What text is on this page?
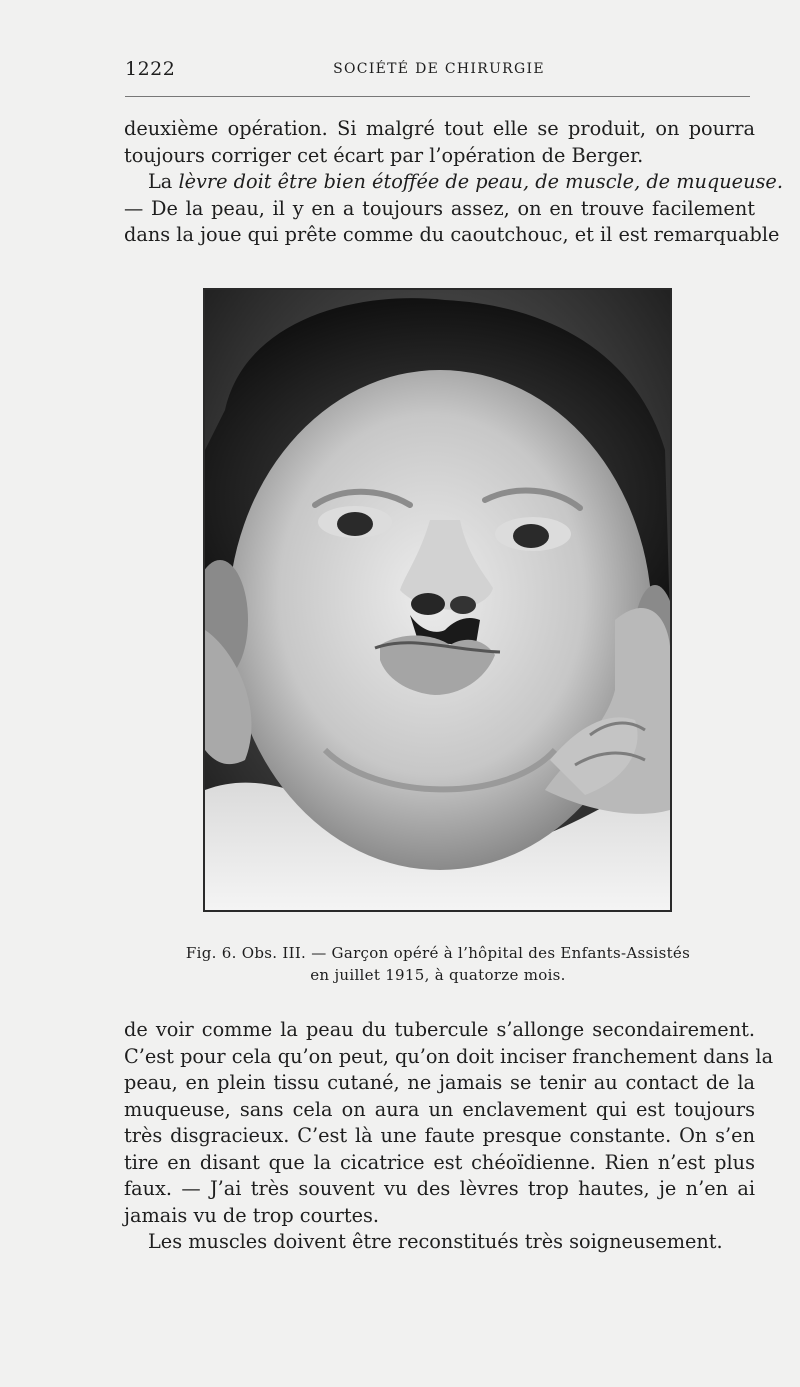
1222	SOCIÉTÉ DE CHIRURGIE
deuxième opération. Si malgré tout elle se produit, on pourra
toujours corriger cet écart par l’opération de Berger.
La lèvre doit être bien étoffée de peau, de muscle, de muqueuse.
— De la peau, il y en a toujours assez, on en trouve facilement
dans la joue qui prête comme du caoutchouc, et il est remarquable
Fig. 6. Obs. III. — Garçon opéré à l’hôpital des Enfants-Assistés
en juillet 1915, à quatorze mois.
de voir comme la peau du tubercule s’allonge secondairement.
C’est pour cela qu’on peut, qu’on doit inciser franchement dans la
peau, en plein tissu cutané, ne jamais se tenir au contact de la
muqueuse, sans cela on aura un enclavement qui est toujours
très disgracieux. C’est là une faute presque constante. On s’en
tire en disant que la cicatrice est chéoïdienne. Rien n’est plus
faux. — J’ai très souvent vu des lèvres trop hautes, je n’en ai
jamais vu de trop courtes.
Les muscles doivent être reconstitués très soigneusement.
